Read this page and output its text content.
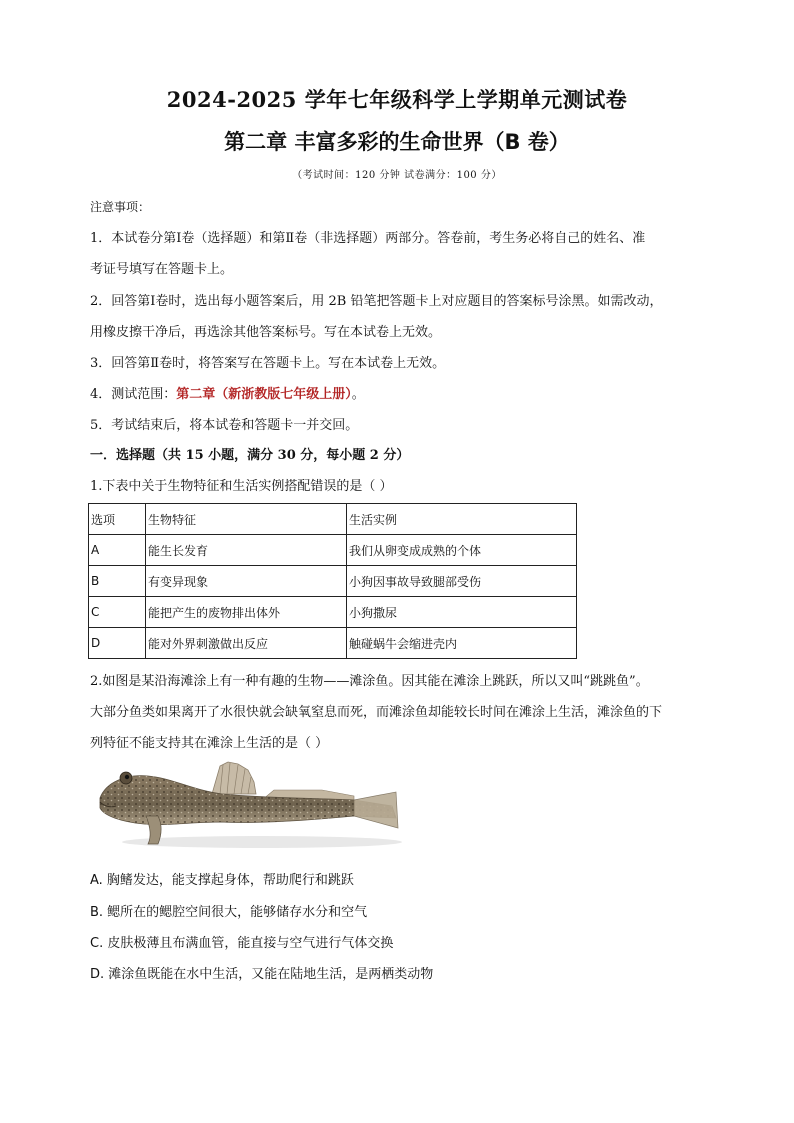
2024-2025 学年七年级科学上学期单元测试卷
第二章 丰富多彩的生命世界（B 卷）
（考试时间：120 分钟 试卷满分：100 分）
注意事项：
1．本试卷分第Ⅰ卷（选择题）和第Ⅱ卷（非选择题）两部分。答卷前，考生务必将自己的姓名、准
考证号填写在答题卡上。
2．回答第Ⅰ卷时，选出每小题答案后，用 2B 铅笔把答题卡上对应题目的答案标号涂黑。如需改动，
用橡皮擦干净后，再选涂其他答案标号。写在本试卷上无效。
3．回答第Ⅱ卷时，将答案写在答题卡上。写在本试卷上无效。
4．测试范围：第二章（新浙教版七年级上册）。
5．考试结束后，将本试卷和答题卡一并交回。
一．选择题（共 15 小题，满分 30 分，每小题 2 分）
1.下表中关于生物特征和生活实例搭配错误的是（ ）
选项	生物特征	生活实例
A	能生长发育	我们从卵变成成熟的个体
B	有变异现象	小狗因事故导致腿部受伤
C	能把产生的废物排出体外	小狗撒尿
D	能对外界刺激做出反应	触碰蜗牛会缩进壳内
2.如图是某沿海滩涂上有一种有趣的生物——滩涂鱼。因其能在滩涂上跳跃，所以又叫“跳跳鱼”。
大部分鱼类如果离开了水很快就会缺氧窒息而死，而滩涂鱼却能较长时间在滩涂上生活，滩涂鱼的下
列特征不能支持其在滩涂上生活的是（ ）
A. 胸鳍发达，能支撑起身体，帮助爬行和跳跃
B. 鳃所在的鳃腔空间很大，能够储存水分和空气
C. 皮肤极薄且布满血管，能直接与空气进行气体交换
D. 滩涂鱼既能在水中生活，又能在陆地生活，是两栖类动物
